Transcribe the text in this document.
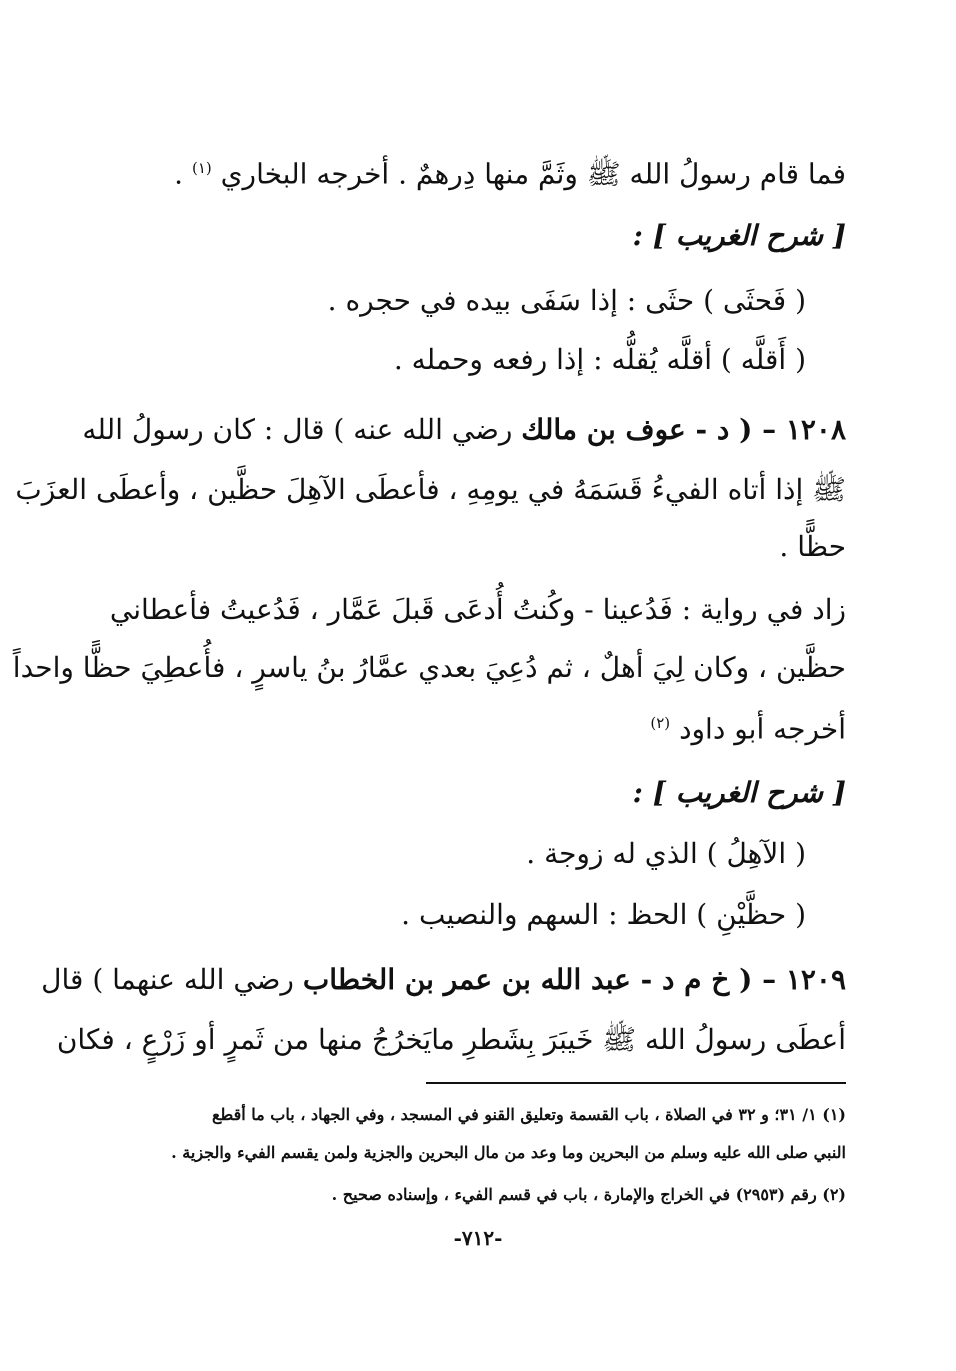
فما قام رسولُ الله ﷺ وثَمَّ منها دِرهمٌ . أخرجه البخاري $^{(١)}$ .
[ شرح الغريب ] :
( فَحثَى ) حثَى : إذا سَفَى بيده في حجره .
( أَقلَّه ) أقلَّه يُقلُّه : إذا رفعه وحمله .
١٢٠٨ – ( د - عوف بن مالك رضي الله عنه ) قال : كان رسولُ الله
ﷺ إذا أتاه الفيءُ قَسَمَهُ في يومِهِ ، فأعطَى الآهِلَ حظَّين ، وأعطَى العزَبَ
حظًّا .
زاد في رواية : فَدُعينا - وكُنتُ أُدعَى قَبلَ عَمَّار ، فَدُعيتُ فأعطاني
حظَّين ، وكان لِيَ أهلٌ ، ثم دُعِيَ بعدي عمَّارُ بنُ ياسرٍ ، فأُعطِيَ حظًّا واحداً
أخرجه أبو داود $^{(٢)}$
[ شرح الغريب ] :
( الآهِلُ ) الذي له زوجة .
( حظَّيْنِ ) الحظ : السهم والنصيب .
١٢٠٩ – ( خ م د - عبد الله بن عمر بن الخطاب رضي الله عنهما ) قال
أعطَى رسولُ الله ﷺ خَيبَرَ بِشَطرِ مايَخرُجُ منها من ثَمرٍ أو زَرْعٍ ، فكان
(١) ١/ ٣١؛ و ٣٢ في الصلاة ، باب القسمة وتعليق القنو في المسجد ، وفي الجهاد ، باب ما أقطع
النبي صلى الله عليه وسلم من البحرين وما وعد من مال البحرين والجزية ولمن يقسم الفيء والجزية .
(٢) رقم (٢٩٥٣) في الخراج والإمارة ، باب في قسم الفيء ، وإسناده صحيح .
-٧١٢-
